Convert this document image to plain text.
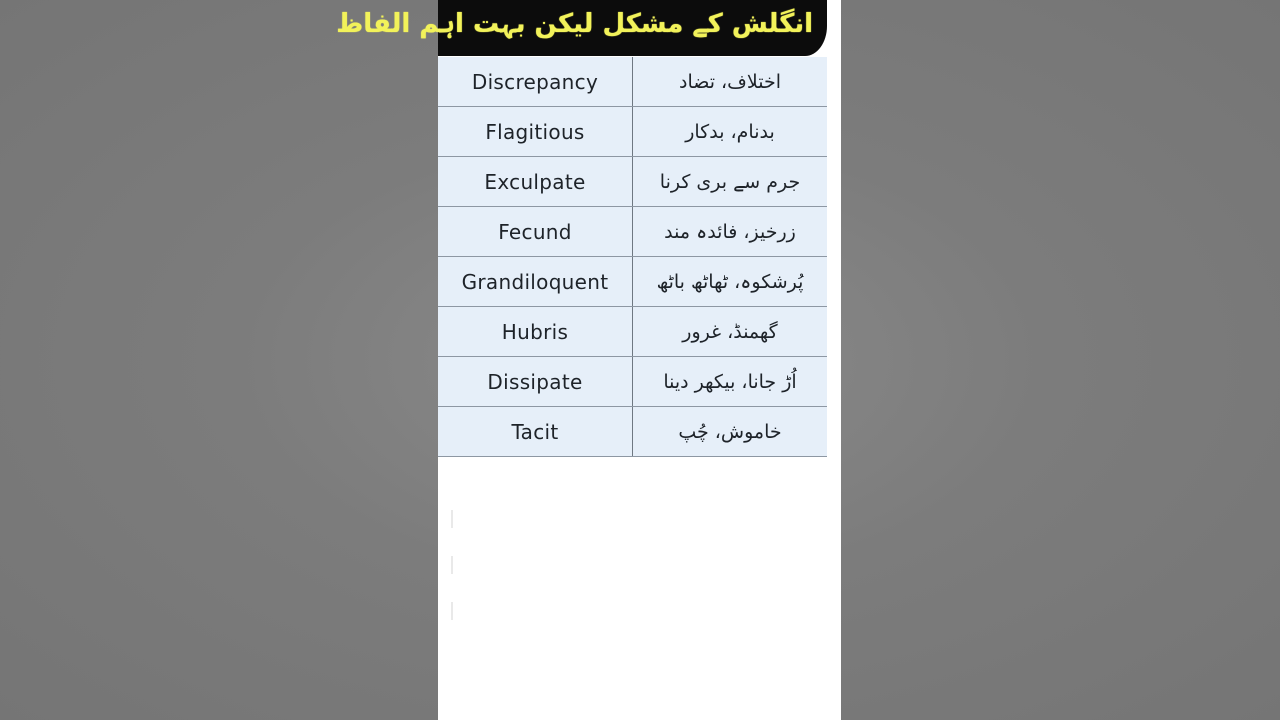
انگلش کے مشکل لیکن بہت اہم الفاظ
Discrepancy	اختلاف، تضاد
Flagitious	بدنام، بدکار
Exculpate	جرم سے بری کرنا
Fecund	زرخیز، فائدہ مند
Grandiloquent	پُرشکوہ، ٹھاٹھ باٹھ
Hubris	گھمنڈ، غرور
Dissipate	اُڑ جانا، بیکھر دینا
Tacit	خاموش، چُپ
